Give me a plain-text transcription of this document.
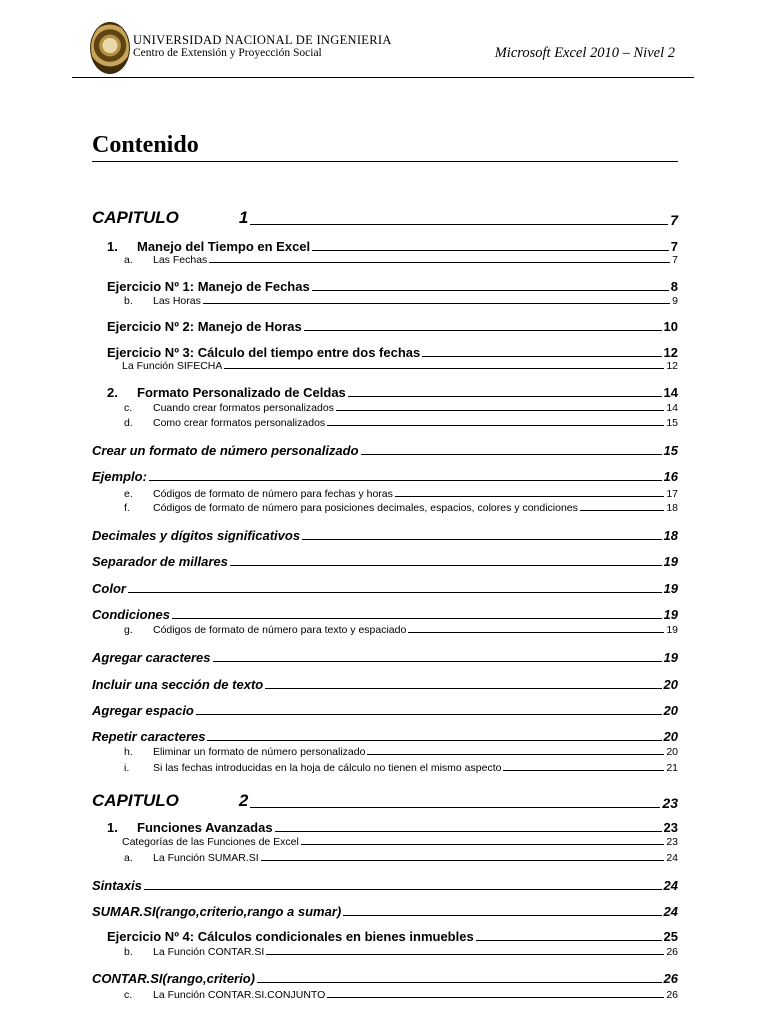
UNIVERSIDAD NACIONAL DE INGENIERIA
Centro de Extensión y Proyección Social	Microsoft Excel 2010 – Nivel 2
Contenido
CAPITULO	1	7
1.	Manejo del Tiempo en Excel	7
a.	Las Fechas	7
Ejercicio Nº 1: Manejo de Fechas	8
b.	Las Horas	9
Ejercicio Nº 2: Manejo de Horas	10
Ejercicio Nº 3: Cálculo del tiempo entre dos fechas	12
La Función SIFECHA	12
2.	Formato Personalizado de Celdas	14
c.	Cuando crear formatos personalizados	14
d.	Como crear formatos personalizados	15
Crear un formato de número personalizado	15
Ejemplo:	16
e.	Códigos de formato de número para fechas y horas	17
f.	Códigos de formato de número para posiciones decimales, espacios, colores y condiciones	18
Decimales y dígitos significativos	18
Separador de millares	19
Color	19
Condiciones	19
g.	Códigos de formato de número para texto y espaciado	19
Agregar caracteres	19
Incluir una sección de texto	20
Agregar espacio	20
Repetir caracteres	20
h.	Eliminar un formato de número personalizado	20
i.	Si las fechas introducidas en la hoja de cálculo no tienen el mismo aspecto	21
CAPITULO	2	23
1.	Funciones Avanzadas	23
Categorías de las Funciones de Excel	23
a.	La Función SUMAR.SI	24
Sintaxis	24
SUMAR.SI(rango,criterio,rango a sumar)	24
Ejercicio Nº 4: Cálculos condicionales en bienes inmuebles	25
b.	La Función CONTAR.SI	26
CONTAR.SI(rango,criterio)	26
c.	La Función CONTAR.SI.CONJUNTO	26
